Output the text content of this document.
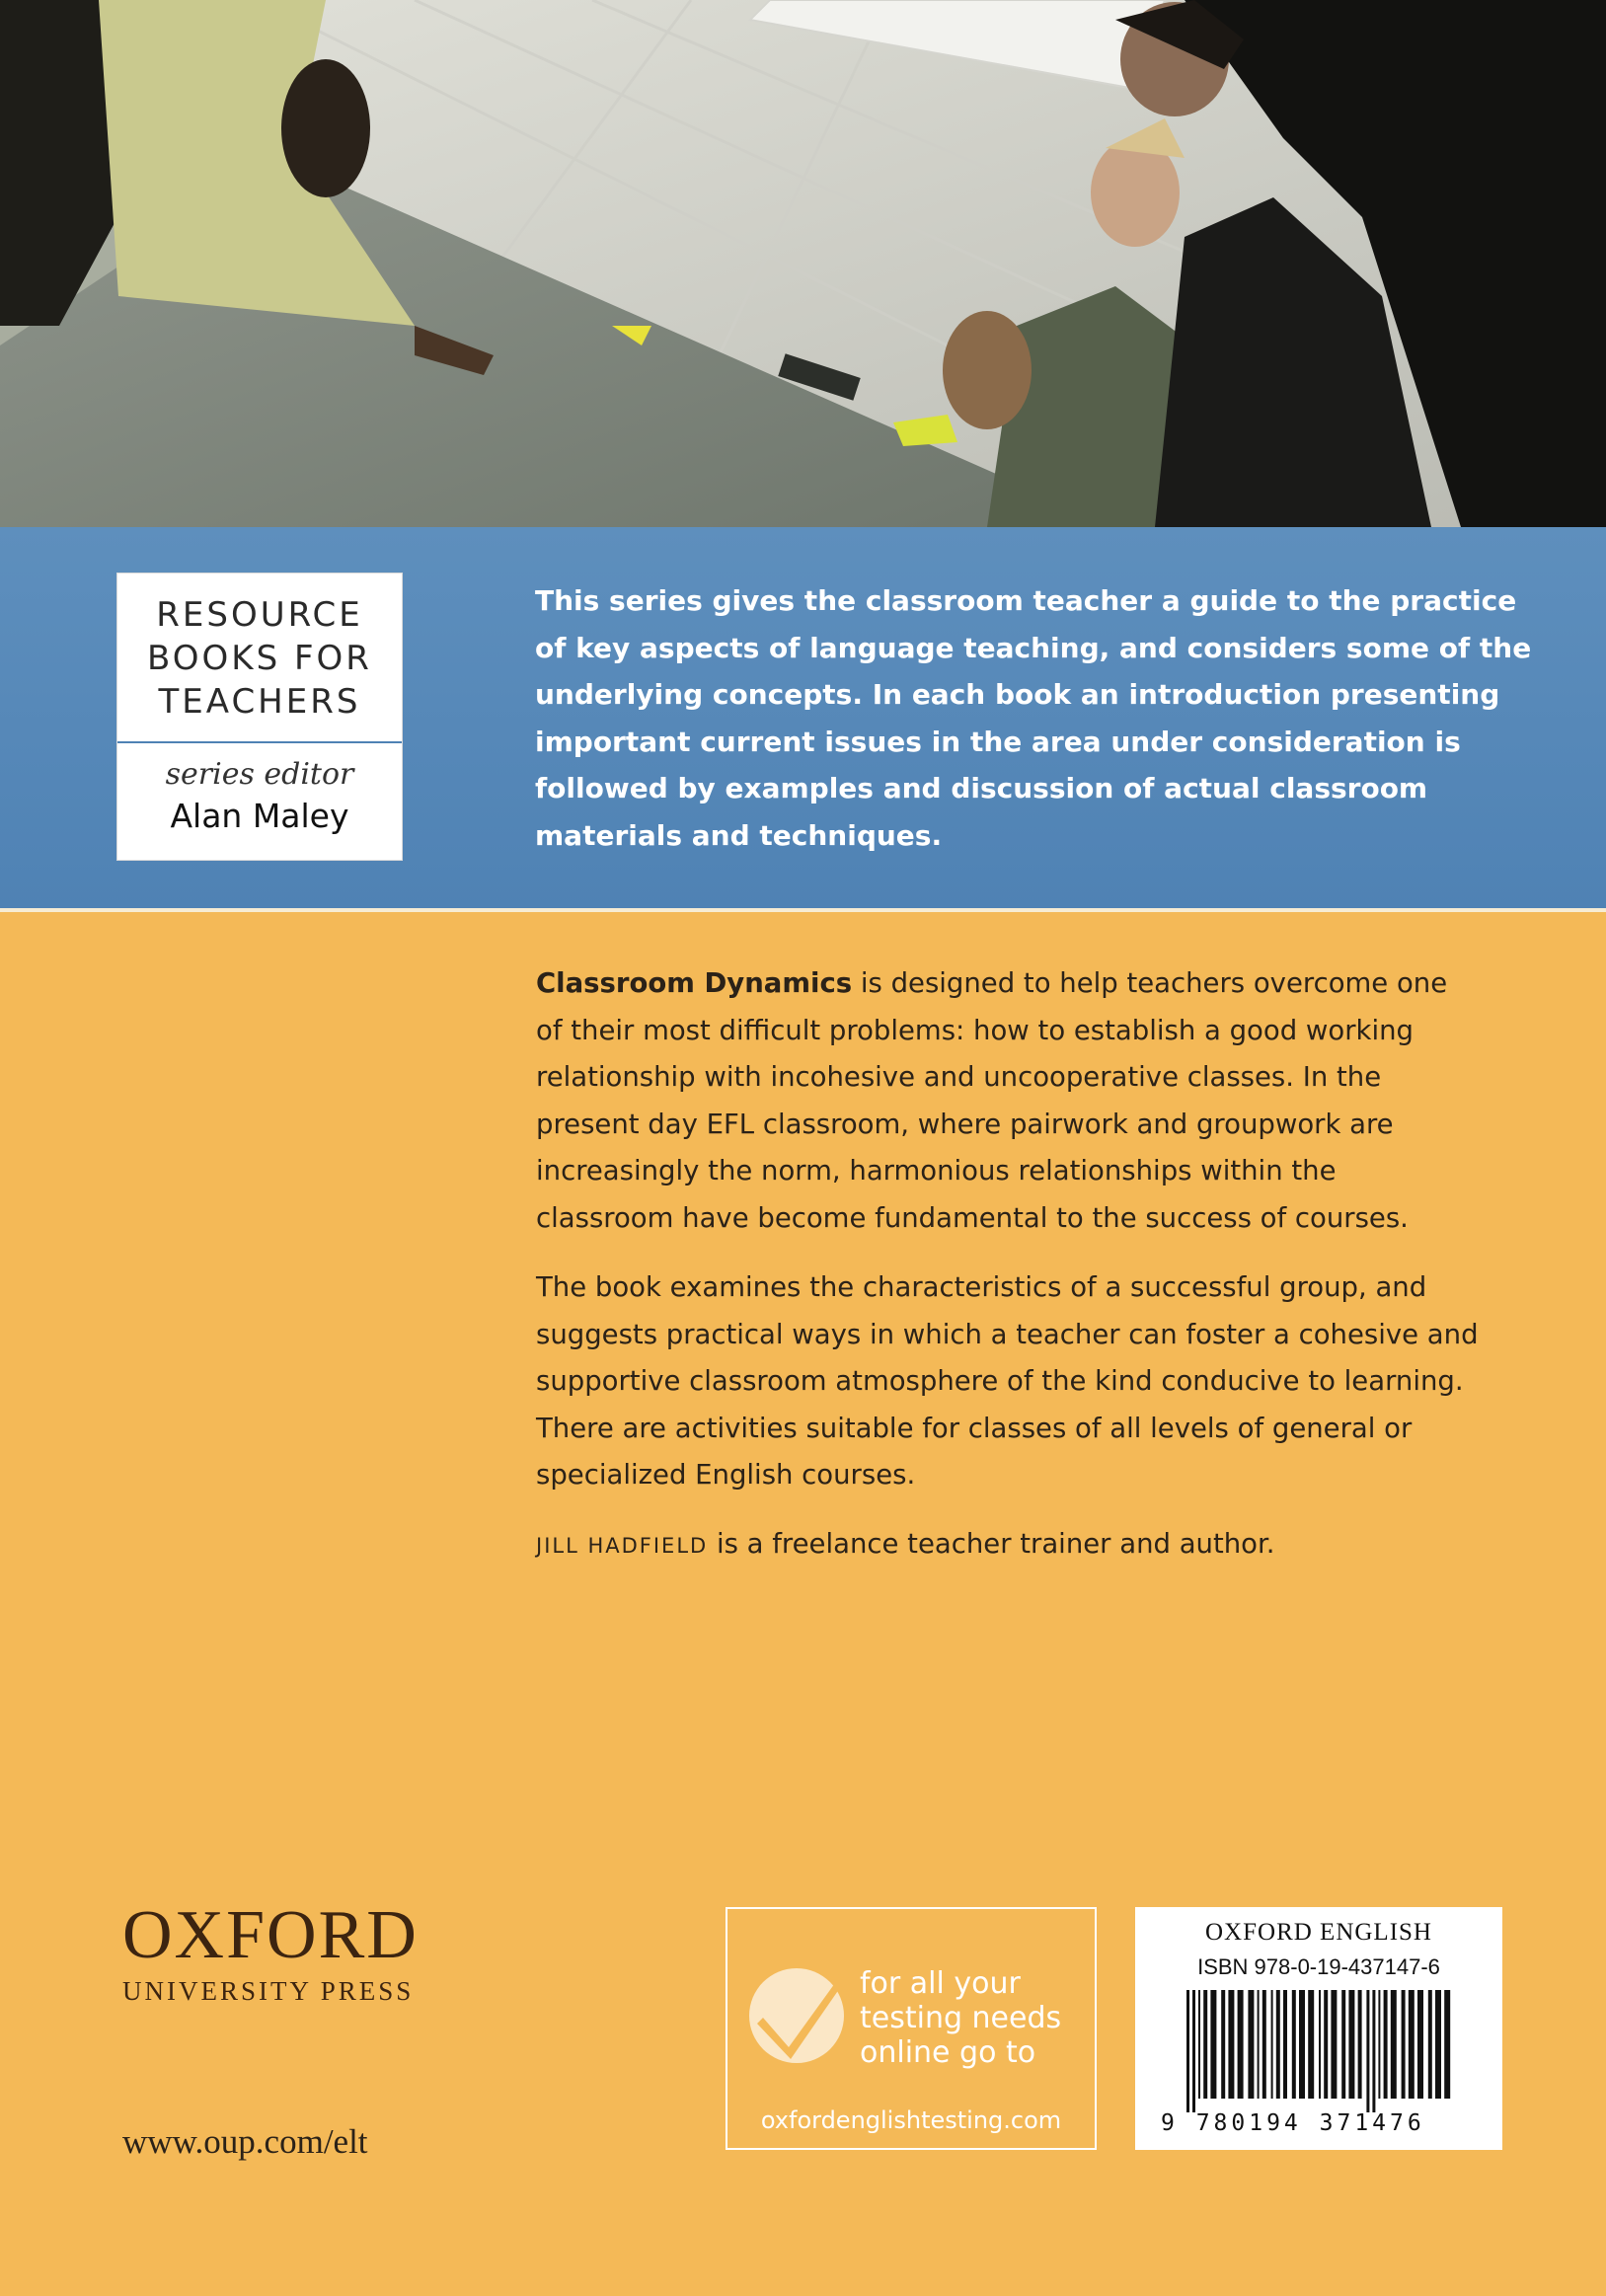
RESOURCE
BOOKS FOR
TEACHERS
series editor
Alan Maley
This series gives the classroom teacher a guide to the practice
of key aspects of language teaching, and considers some of the
underlying concepts. In each book an introduction presenting
important current issues in the area under consideration is
followed by examples and discussion of actual classroom
materials and techniques.
Classroom Dynamics is designed to help teachers overcome one
of their most difficult problems: how to establish a good working
relationship with incohesive and uncooperative classes. In the
present day EFL classroom, where pairwork and groupwork are
increasingly the norm, harmonious relationships within the
classroom have become fundamental to the success of courses.
The book examines the characteristics of a successful group, and
suggests practical ways in which a teacher can foster a cohesive and
supportive classroom atmosphere of the kind conducive to learning.
There are activities suitable for classes of all levels of general or
specialized English courses.
JILL HADFIELD is a freelance teacher trainer and author.
OXFORD
UNIVERSITY PRESS
www.oup.com/elt
for all your
testing needs
online go to
oxfordenglishtesting.com
OXFORD ENGLISH
ISBN 978-0-19-437147-6
9 780194 371476
